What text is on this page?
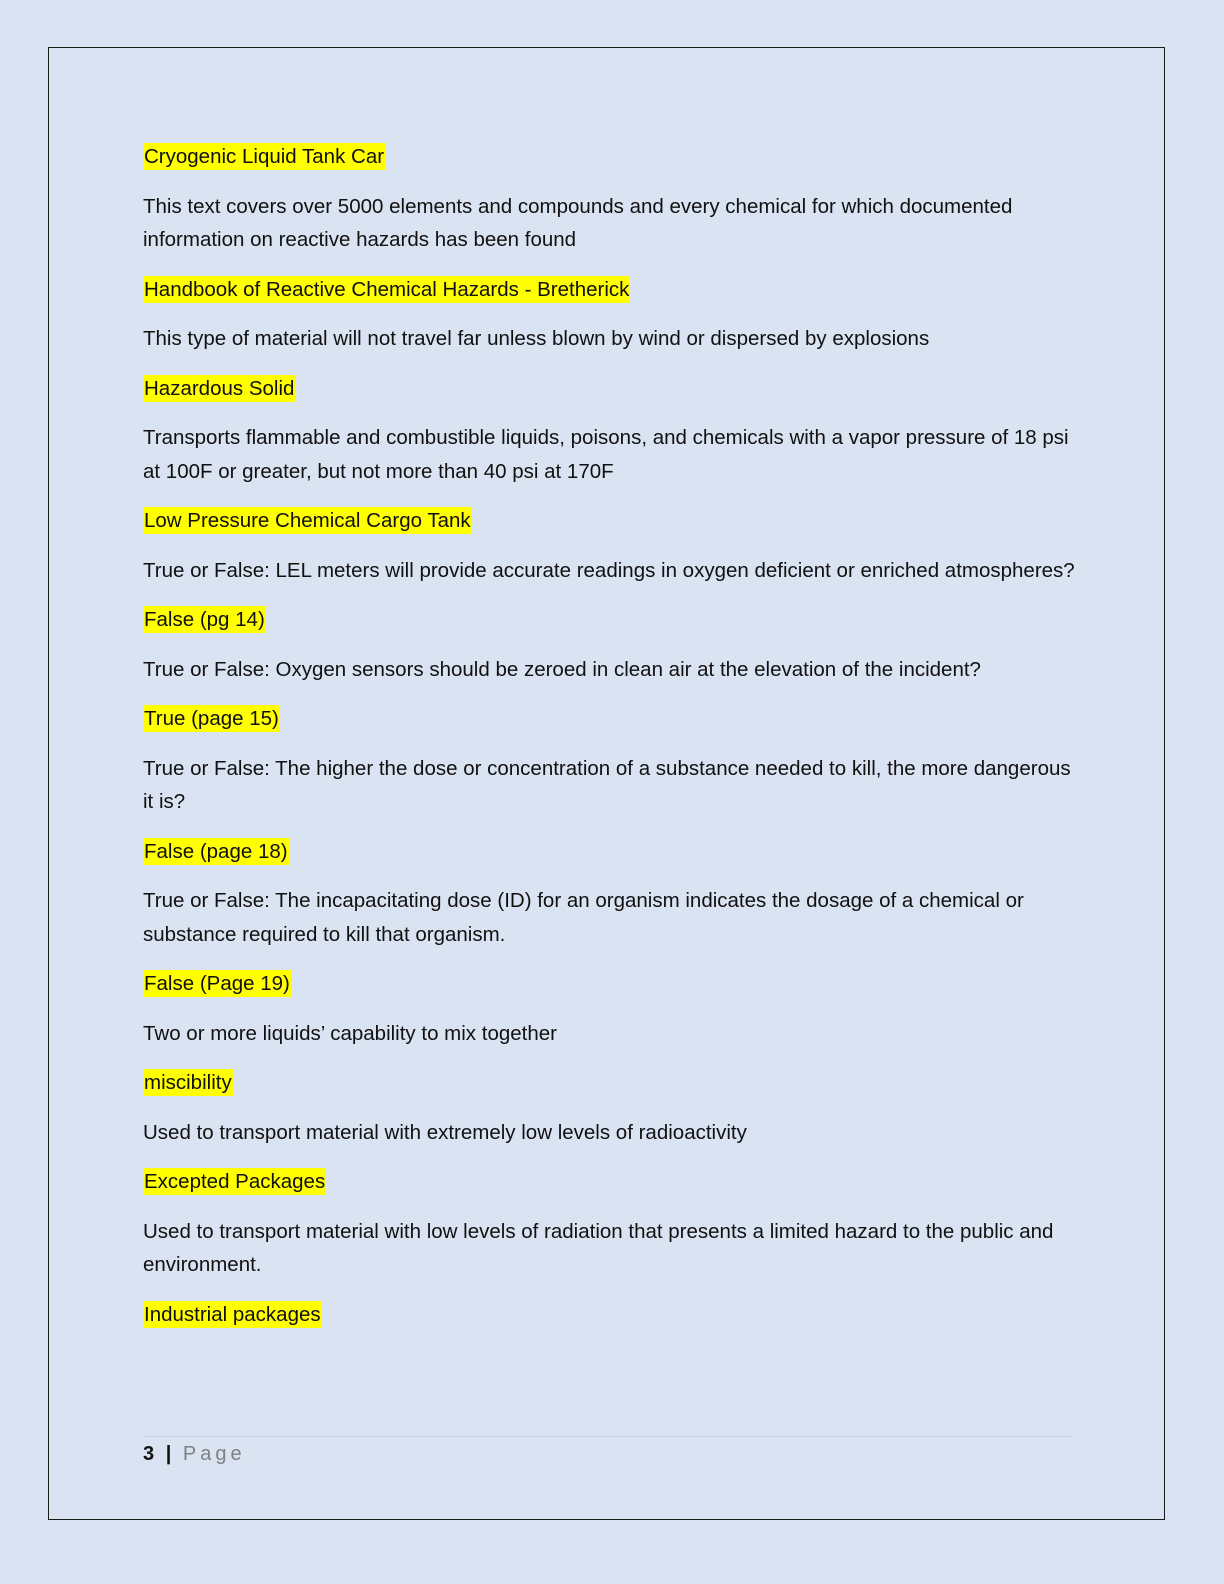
Cryogenic Liquid Tank Car

This text covers over 5000 elements and compounds and every chemical for which documented information on reactive hazards has been found

Handbook of Reactive Chemical Hazards - Bretherick

This type of material will not travel far unless blown by wind or dispersed by explosions

Hazardous Solid

Transports flammable and combustible liquids, poisons, and chemicals with a vapor pressure of 18 psi at 100F or greater, but not more than 40 psi at 170F

Low Pressure Chemical Cargo Tank

True or False: LEL meters will provide accurate readings in oxygen deficient or enriched atmospheres?

False (pg 14)

True or False: Oxygen sensors should be zeroed in clean air at the elevation of the incident?

True (page 15)

True or False: The higher the dose or concentration of a substance needed to kill, the more dangerous it is?

False (page 18)

True or False: The incapacitating dose (ID) for an organism indicates the dosage of a chemical or substance required to kill that organism.

False (Page 19)

Two or more liquids’ capability to mix together

miscibility

Used to transport material with extremely low levels of radioactivity

Excepted Packages

Used to transport material with low levels of radiation that presents a limited hazard to the public and environment.

Industrial packages

3 | Page
